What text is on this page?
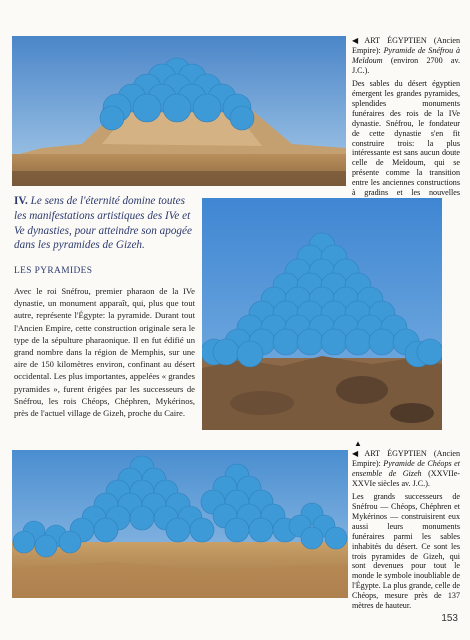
◀ART ÉGYPTIEN (Ancien Empire): Pyramide de Snéfrou à Meïdoum (environ 2700 av. J.C.).

Des sables du désert égyptien émergent les grandes pyramides, splendides monuments funéraires des rois de la IVe dynastie. Snéfrou, le fondateur de cette dynastie s'en fit construire trois: la plus intéressante est sans aucun doute celle de Meïdoum, qui se présente comme la transition entre les anciennes constructions à gradins et les nouvelles

IV. Le sens de l'éternité domine toutes les manifestations artistiques des IVe et Ve dynasties, pour atteindre son apogée dans les pyramides de Gizeh.
LES PYRAMIDES
Avec le roi Snéfrou, premier pharaon de la IVe dynastie, un monument apparaît, qui, plus que tout autre, représente l'Égypte: la pyramide. Durant tout l'Ancien Empire, cette construction originale sera le type de la sépulture pharaonique. Il en fut édifié un grand nombre dans la région de Memphis, sur une aire de 150 kilomètres environ, confinant au désert occidental. Les plus importantes, appelées « grandes pyramides », furent érigées par les successeurs de Snéfrou, les rois Chéops, Chéphren, Mykérinos, près de l'actuel village de Gizeh, proche du Caire.
▲

◀ART ÉGYPTIEN (Ancien Empire): Pyramide de Chéops et ensemble de Gizeh (XXVIIe-XXVIe siècles av. J.C.).

Les grands successeurs de Snéfrou — Chéops, Chéphren et Mykérinos — construisirent eux aussi leurs monuments funéraires parmi les sables inhabités du désert. Ce sont les trois pyramides de Gizeh, qui sont devenues pour tout le monde le symbole inoubliable de l'Égypte. La plus grande, celle de Chéops, mesure près de 137 mètres de hauteur.

153
